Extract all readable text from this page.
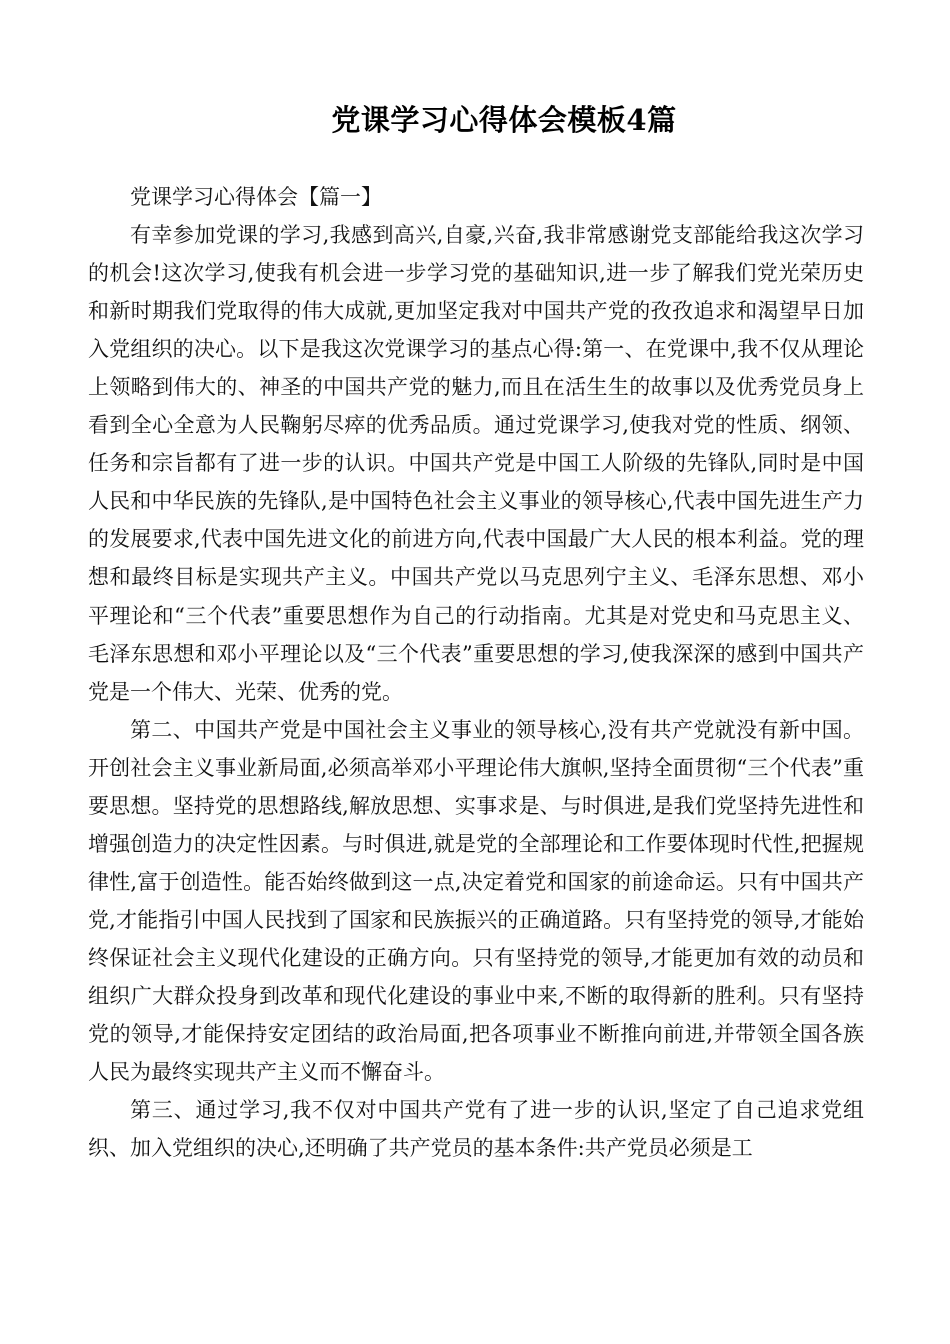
党课学习心得体会模板4篇

党课学习心得体会【篇一】

有幸参加党课的学习,我感到高兴,自豪,兴奋,我非常感谢党支部能给我这次学习的机会!这次学习,使我有机会进一步学习党的基础知识,进一步了解我们党光荣历史和新时期我们党取得的伟大成就,更加坚定我对中国共产党的孜孜追求和渴望早日加入党组织的决心。以下是我这次党课学习的基点心得:第一、在党课中,我不仅从理论上领略到伟大的、神圣的中国共产党的魅力,而且在活生生的故事以及优秀党员身上看到全心全意为人民鞠躬尽瘁的优秀品质。通过党课学习,使我对党的性质、纲领、任务和宗旨都有了进一步的认识。中国共产党是中国工人阶级的先锋队,同时是中国人民和中华民族的先锋队,是中国特色社会主义事业的领导核心,代表中国先进生产力的发展要求,代表中国先进文化的前进方向,代表中国最广大人民的根本利益。党的理想和最终目标是实现共产主义。中国共产党以马克思列宁主义、毛泽东思想、邓小平理论和“三个代表”重要思想作为自己的行动指南。尤其是对党史和马克思主义、毛泽东思想和邓小平理论以及“三个代表”重要思想的学习,使我深深的感到中国共产党是一个伟大、光荣、优秀的党。

第二、中国共产党是中国社会主义事业的领导核心,没有共产党就没有新中国。开创社会主义事业新局面,必须高举邓小平理论伟大旗帜,坚持全面贯彻“三个代表”重要思想。坚持党的思想路线,解放思想、实事求是、与时俱进,是我们党坚持先进性和增强创造力的决定性因素。与时俱进,就是党的全部理论和工作要体现时代性,把握规律性,富于创造性。能否始终做到这一点,决定着党和国家的前途命运。只有中国共产党,才能指引中国人民找到了国家和民族振兴的正确道路。只有坚持党的领导,才能始终保证社会主义现代化建设的正确方向。只有坚持党的领导,才能更加有效的动员和组织广大群众投身到改革和现代化建设的事业中来,不断的取得新的胜利。只有坚持党的领导,才能保持安定团结的政治局面,把各项事业不断推向前进,并带领全国各族人民为最终实现共产主义而不懈奋斗。

第三、通过学习,我不仅对中国共产党有了进一步的认识,坚定了自己追求党组织、加入党组织的决心,还明确了共产党员的基本条件:共产党员必须是工
